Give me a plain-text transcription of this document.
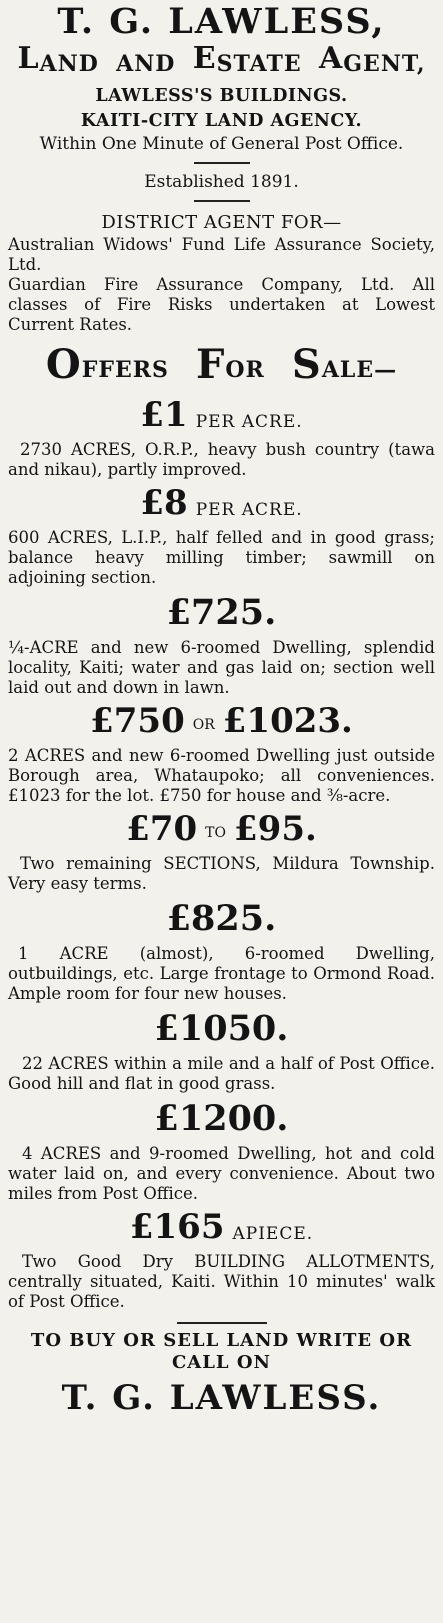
T. G. LAWLESS,
LAND AND ESTATE AGENT,
LAWLESS'S BUILDINGS.
KAITI-CITY LAND AGENCY.
Within One Minute of General Post Office.
Established 1891.
DISTRICT AGENT FOR—

Australian Widows' Fund Life Assurance Society, Ltd.

Guardian Fire Assurance Company, Ltd. All classes of Fire Risks undertaken at Lowest Current Rates.

$O^{FFERS}$ $F^{OR}$ $S^{ALE—}$
£1 $^{PER ACRE.}$

2730 ACRES, O.R.P., heavy bush country (tawa and nikau), partly improved.

£8 $^{PER ACRE.}$

600 ACRES, L.I.P., half felled and in good grass; balance heavy milling timber; sawmill on adjoining section.

£725.

¼-ACRE and new 6-roomed Dwelling, splendid locality, Kaiti; water and gas laid on; section well laid out and down in lawn.

£750 $^{OR}$ £1023.

2 ACRES and new 6-roomed Dwelling just outside Borough area, Whataupoko; all conveniences. £1023 for the lot. £750 for house and ⅜-acre.

£70 $^{TO}$ £95.

Two remaining SECTIONS, Mildura Township. Very easy terms.

£825.

1 ACRE (almost), 6-roomed Dwelling, outbuildings, etc. Large frontage to Ormond Road. Ample room for four new houses.

£1050.

22 ACRES within a mile and a half of Post Office. Good hill and flat in good grass.

£1200.

4 ACRES and 9-roomed Dwelling, hot and cold water laid on, and every convenience. About two miles from Post Office.

£165 $^{APIECE.}$

Two Good Dry BUILDING ALLOTMENTS, centrally situated, Kaiti. Within 10 minutes' walk of Post Office.

TO BUY OR SELL LAND WRITE OR CALL ON
T. G. LAWLESS.
